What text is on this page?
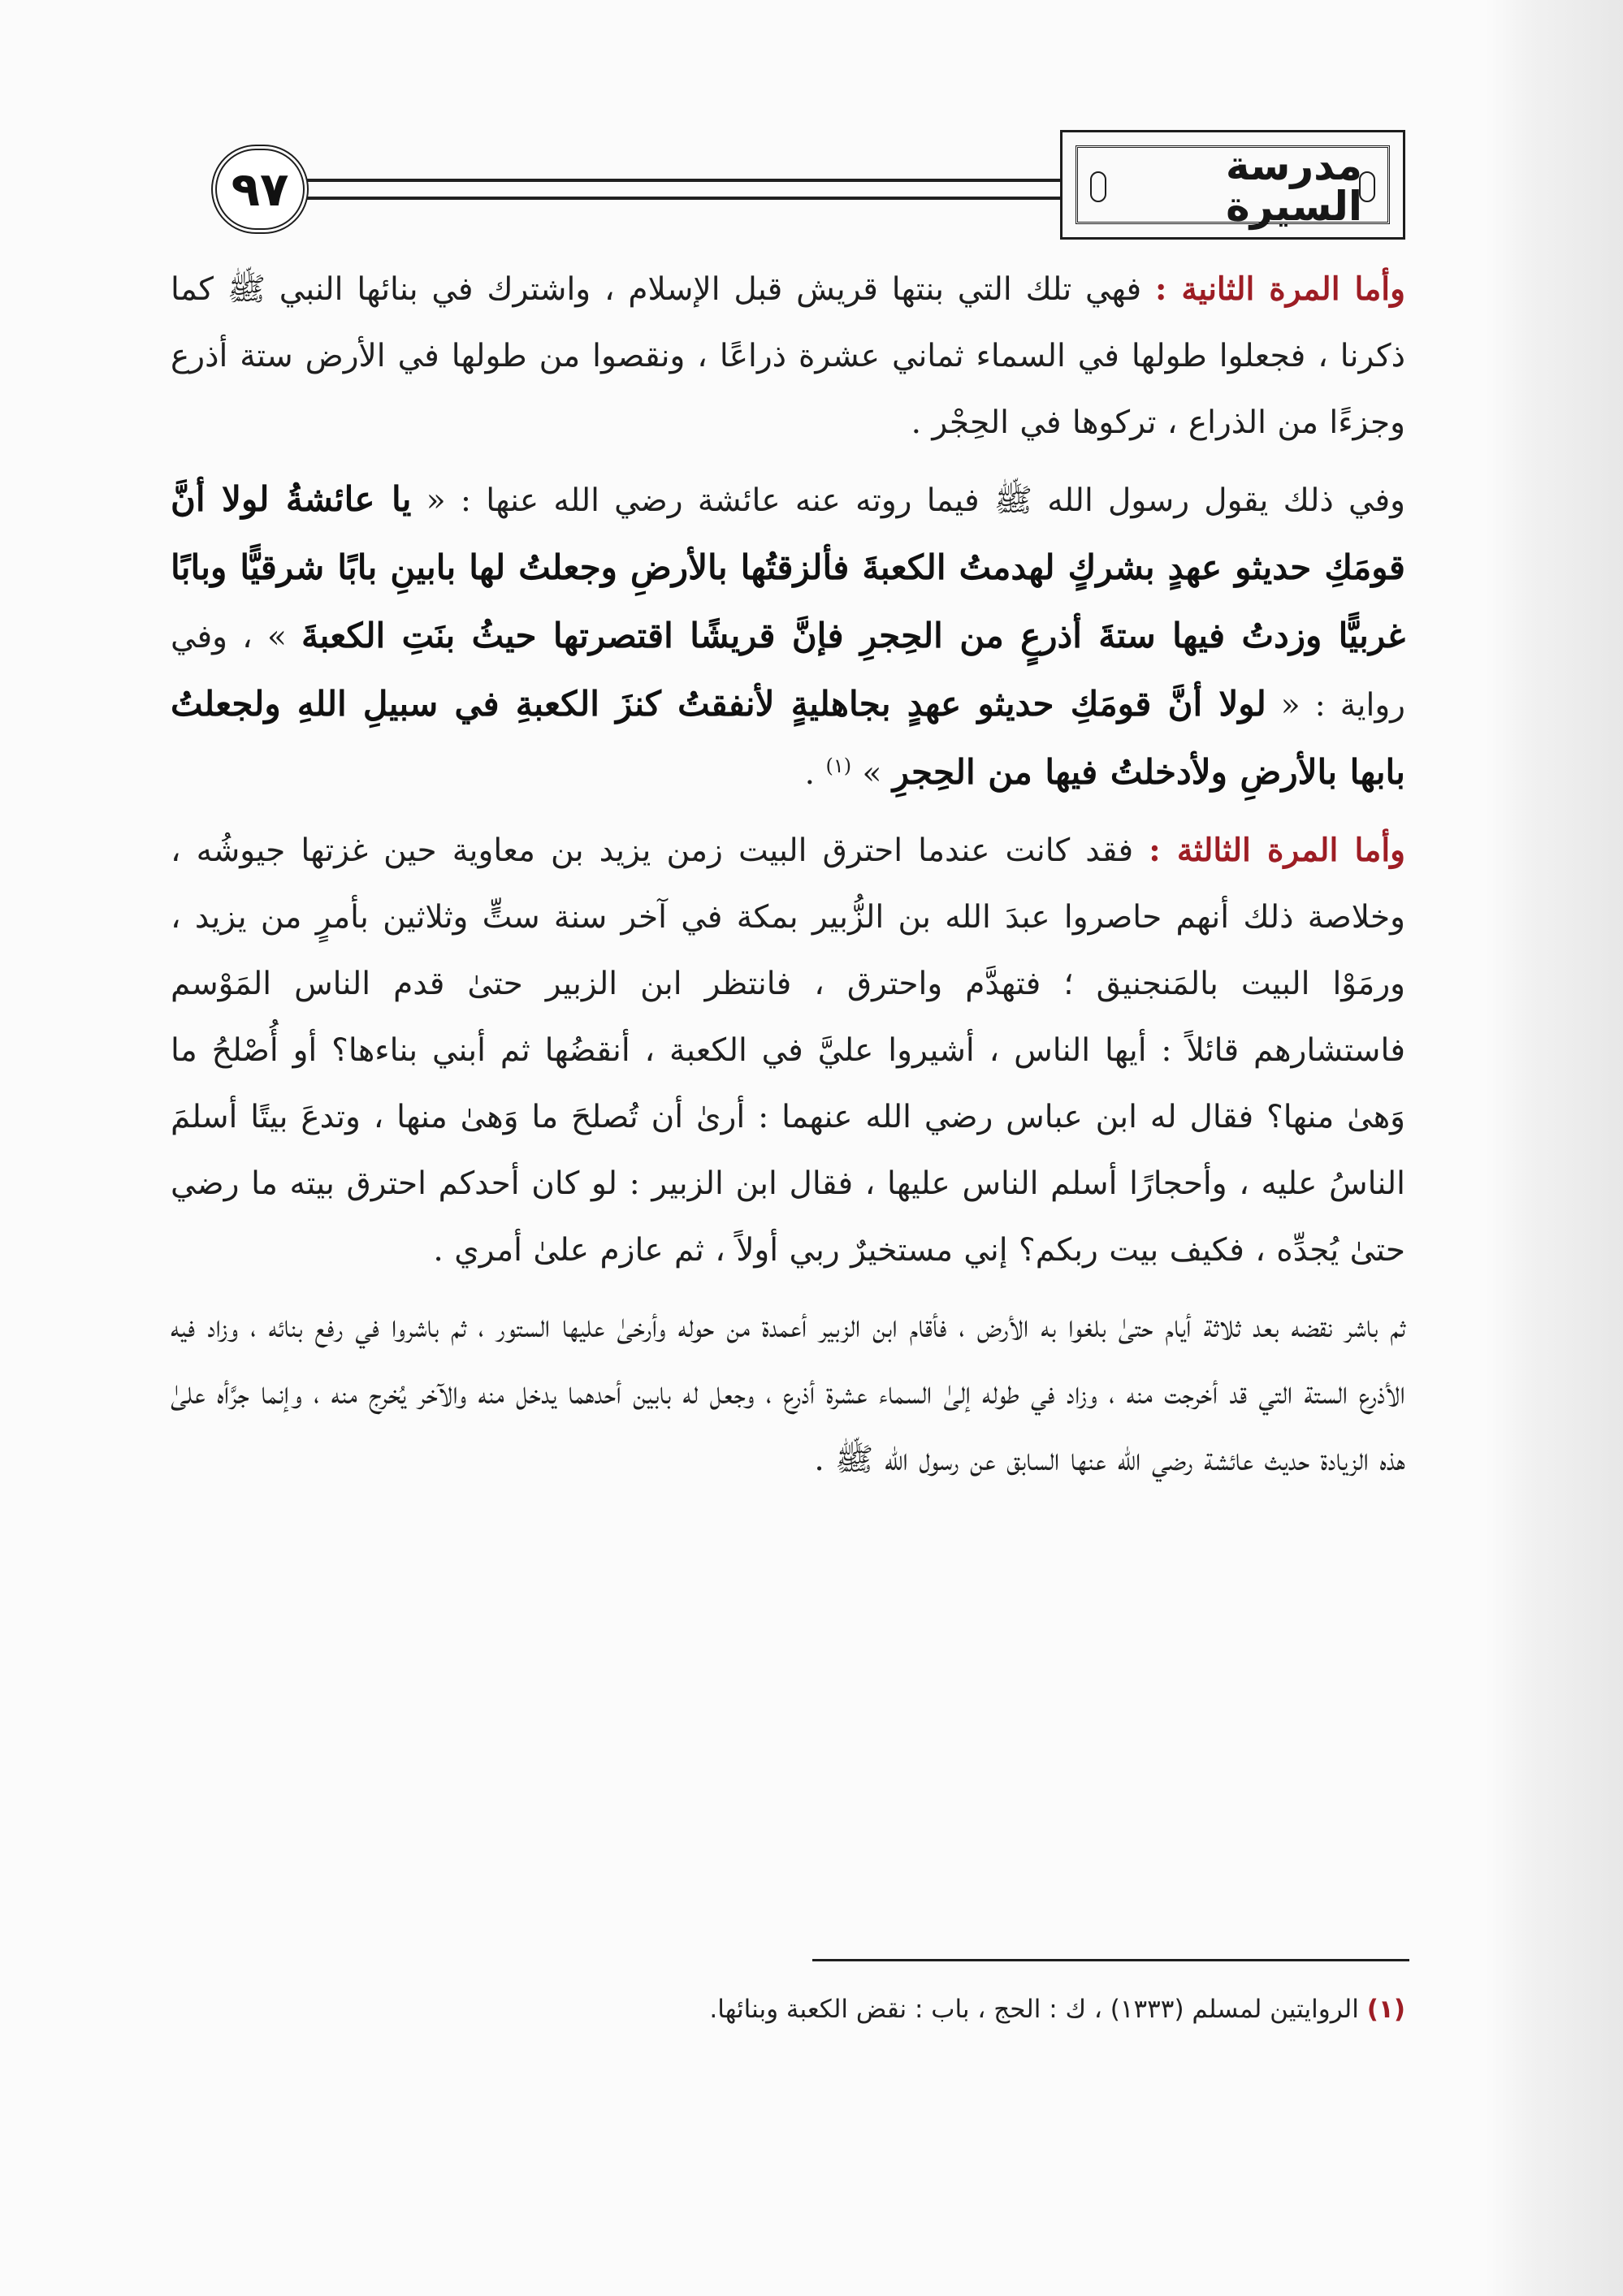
٩٧	مدرسة السيرة

وأما المرة الثانية : فهي تلك التي بنتها قريش قبل الإسلام ، واشترك في بنائها النبي ﷺ كما ذكرنا ، فجعلوا طولها في السماء ثماني عشرة ذراعًا ، ونقصوا من طولها في الأرض ستة أذرع وجزءًا من الذراع ، تركوها في الحِجْر .

وفي ذلك يقول رسول الله ﷺ فيما روته عنه عائشة رضي الله عنها : « يا عائشةُ لولا أنَّ قومَكِ حديثو عهدٍ بشركٍ لهدمتُ الكعبةَ فألزقتُها بالأرضِ وجعلتُ لها بابينِ بابًا شرقيًّا وبابًا غربيًّا وزدتُ فيها ستةَ أذرعٍ من الحِجرِ فإنَّ قريشًا اقتصرتها حيثُ بنَتِ الكعبةَ » ، وفي رواية : « لولا أنَّ قومَكِ حديثو عهدٍ بجاهليةٍ لأنفقتُ كنزَ الكعبةِ في سبيلِ اللهِ ولجعلتُ بابها بالأرضِ ولأدخلتُ فيها من الحِجرِ » $^{(١)}$ .

وأما المرة الثالثة : فقد كانت عندما احترق البيت زمن يزيد بن معاوية حين غزتها جيوشُه ، وخلاصة ذلك أنهم حاصروا عبدَ الله بن الزُّبير بمكة في آخر سنة ستٍّ وثلاثين بأمرٍ من يزيد ، ورمَوْا البيت بالمَنجنيق ؛ فتهدَّم واحترق ، فانتظر ابن الزبير حتىٰ قدم الناس المَوْسم فاستشارهم قائلاً : أيها الناس ، أشيروا عليَّ في الكعبة ، أنقضُها ثم أبني بناءها؟ أو أُصْلحُ ما وَهىٰ منها؟ فقال له ابن عباس رضي الله عنهما : أرىٰ أن تُصلحَ ما وَهىٰ منها ، وتدعَ بيتًا أسلمَ الناسُ عليه ، وأحجارًا أسلم الناس عليها ، فقال ابن الزبير : لو كان أحدكم احترق بيته ما رضي حتىٰ يُجدِّه ، فكيف بيت ربكم؟ إني مستخيرٌ ربي أولاً ، ثم عازم علىٰ أمري .

ثم باشر نقضه بعد ثلاثة أيام حتىٰ بلغوا به الأرض ، فأقام ابن الزبير أعمدة من حوله وأرخىٰ عليها الستور ، ثم باشروا في رفع بنائه ، وزاد فيه الأذرع الستة التي قد أخرجت منه ، وزاد في طوله إلىٰ السماء عشرة أذرع ، وجعل له بابين أحدهما يدخل منه والآخر يُخرج منه ، وإنما جرَّأه علىٰ هذه الزيادة حديث عائشة رضي الله عنها السابق عن رسول الله ﷺ .

(١) الروايتين لمسلم (١٣٣٣) ، ك : الحج ، باب : نقض الكعبة وبنائها.
